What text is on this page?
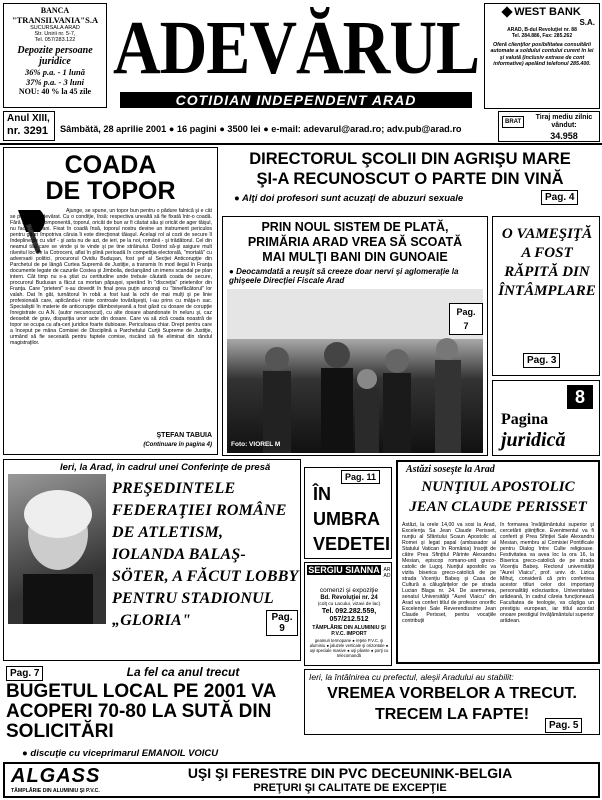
BANCA
"TRANSILVANIA"S.A
SUCURSALA ARAD
Str. Unirii nr. 5-7,
Tel. 057/283.122
Depozite persoane juridice
36% p.a. - 1 lună
37% p.a. - 3 luni
NOU: 40 % la 45 zile
ADEVĂRUL
COTIDIAN INDEPENDENT ARAD
WEST BANK
S.A.
ARAD, B-dul Revoluţiei nr. 88
Tel. 284.886, Fax: 285.262
Oferă clienţilor posibilitatea consultării automate a soldului contului curent în lei şi valută (inclusiv extrase de cont informative) apelând telefonul 285.400.
Anul XIII,
nr. 3291	Sâmbătă, 28 aprilie 2001 ● 16 pagini ● 3500 lei ● e-mail: adevarul@arad.ro; adv.pub@arad.ro
BRAT
Tiraj mediu zilnic vândut:
34.958
COADA
DE TOPOR
Ajunge, se spune, un topor bun pentru o pădure falnică şi e cât se poate de adevărat. Cu o condiţie, însă: respectiva unealtă să fie fixată într-o coadă. Fără această componentă, toporul, oricât de bun ar fi căutat său şi oricât de ager tăişul, nu face doi bani. Fixat în coadă însă, toporul nostru devine un instrument periculos pentru găuri împotriva căruia îi este direcţionat tăiaşul. Acelaşi rol al cozii de secure îl îndeplineşte cu vârf - şi asta nu de azi, de ieri, pe la noi, românii - şi trădătorul. Cel din neamul tău care se vinde şi te vinde şi pe tine străinului. Dorind să-şi asigure mult râvnitul loc de la Cotroceni, aflat în plină perioadă în competiţia electorală, "mortală" cu adversarii politici, procurorul Ovidiu Buduşan, fost şef al Secţiei Anticorupţie din Parchetul de pe lângă Curtea Supremă de Justiţie, a transmis în mod ilegal în Franţa documente legate de cazurile Costea şi Jimbolia, declanşând un imens scandal pe plan intern. Cât timp nu s-a ştiut cu certitudine unde trebuie căutată coada de secure, procurorul Budusan a făcut ca mortan păpuşoi, sperând în "discreţia" prietenilor din Franţa. Care "prieteni" s-au dovedit în final prea puţin ancoraţi cu "binefăcătorul" lor valah. Dat în gât, turnătorul în robă a fost luat la ochi de mai mulţi şi pe linie profesională care, aplicându-i niste controale tovărăşeşti, l-au prins cu mâţa-n sac. Specialiştii în materie de anticorupţie dămbovişeană a fost găsit cu dosare de corupţie înregistrate cu A.N. (autor necunoscut), cu alte dosare abandonate în neluru şi, caz deosebit de grav, dispariţia unor acte din dosare. Care va să zică coada noastră de topor se ocupa cu afa-ceri juridice foarte dubioase. Periculoasa chiar. Drept pentru care a început pe mâna Comisiei de Disciplină a Parchetului Curţii Supreme de Justiţie, urmând să fie secesată pentru faptele comise, riscând să fie eliminat din rândul magistraţilor.
ŞTEFAN TABUIA
(Continuare în pagina 4)
DIRECTORUL ŞCOLII DIN AGRIŞU MARE
ŞI-A RECUNOSCUT O PARTE DIN VINĂ
● Alţi doi profesori sunt acuzaţi de abuzuri sexuale	Pag. 4
PRIN NOUL SISTEM DE PLATĂ,
PRIMĂRIA ARAD VREA SĂ SCOATĂ
MAI MULŢI BANI DIN GUNOAIE
● Deocamdată a reuşit să creeze doar nervi şi aglomeraţie la ghişeele Direcţiei Fiscale Arad
Pag. 7
Foto: VIOREL M
O VAMEŞIŢĂ A FOST RĂPITĂ DIN ÎNTÂMPLARE
Pag. 3
8
Pagina
juridică
Ieri, la Arad, în cadrul unei Conferinţe de presă
PREŞEDINTELE FEDERAŢIEI ROMÂNE DE ATLETISM, IOLANDA BALAŞ-SÖTER, A FĂCUT LOBBY PENTRU STADIONUL „GLORIA"	Pag. 9
Pag. 7	La fel ca anul trecut
BUGETUL LOCAL PE 2001 VA ACOPERI 70-80 LA SUTĂ DIN SOLICITĂRI
● discuţie cu viceprimarul EMANOIL VOICU
Pag. 11
ÎN UMBRA VEDETEI
SERGIU SIANNA ARAD
comenzi şi expoziţie
Bd. Revoluţiei nr. 24
(colţ cu Lacului, vizavi de lac)
Tel. 092.282.559,
057/212.512
TÂMPLĂRIE DIN ALUMINIU ŞI P.V.C. IMPORT
geamuri termopane ● reţete P.V.C. şi aluminiu ● jaluzele verticale şi orizontale ● uşi speciale masive ● uşi pliante ● porţi cu telecomandă
Astăzi soseşte la Arad
NUNŢIUL APOSTOLIC
JEAN CLAUDE PERISSET
Astăzi, la orele 14,00 va sosi la Arad, Excelenţa Sa Jean Claude Perisset, nunţiu al Sfântului Scaun Apostolic al Romei şi legat papal (ambasador al Statului Vatican în România) însoţit de către Prea Sfinţitul Părinte Alexandru Mesian, episcop romano-unit greco-catolic de Lugoj. Nunţiul apostolic va vizita biserica greco-catolică de pe strada Vicenţiu Babeş şi Casa de Cultură a călugăriţelor de pe strada Lucian Blaga nr. 24. De asemenea, senatul Universităţii "Aurel Vlaicu" din Arad va conferi titlul de profesor onorific Excelenţei Sale Reverendissime Jean Claude Perisset, pentru vocaţiile contribuţii
în formarea învăţământului superior şi cercetării ştiinţifice. Evenimentul va fi conferit şi Prea Sfinţiei Sale Alexandru Mesian, membru al Comisiei Pontificale pentru Dialog între Culte religioase. Festivitatea va avea loc la ora 16, la Biserica greco-catolică de pe strada Vicenţiu Babeş. Rectorul universităţii "Aurel Vlaicu", prof. univ. dr. Lizica Mihuţ, consideră că prin conferirea acestor titluri celor doi importanţi personalităţi ecleziastice, Universitatea arădeană, în cadrul căreia funcţionează Facultatea de teologie, va câştiga un prestigiu european, iar titlul acordat onoare prestigiul învăţământului superior arădean.
Ieri, la întâlnirea cu prefectul, aleşii Aradului au stabilit:
VREMEA VORBELOR A TRECUT.
TRECEM LA FAPTE!
Pag. 5
ALGASS
TÂMPLĂRIE DIN ALUMINIU ŞI P.V.C.
UŞI ŞI FERESTRE DIN PVC DECEUNINK-BELGIA
PREŢURI ŞI CALITATE DE EXCEPŢIE
